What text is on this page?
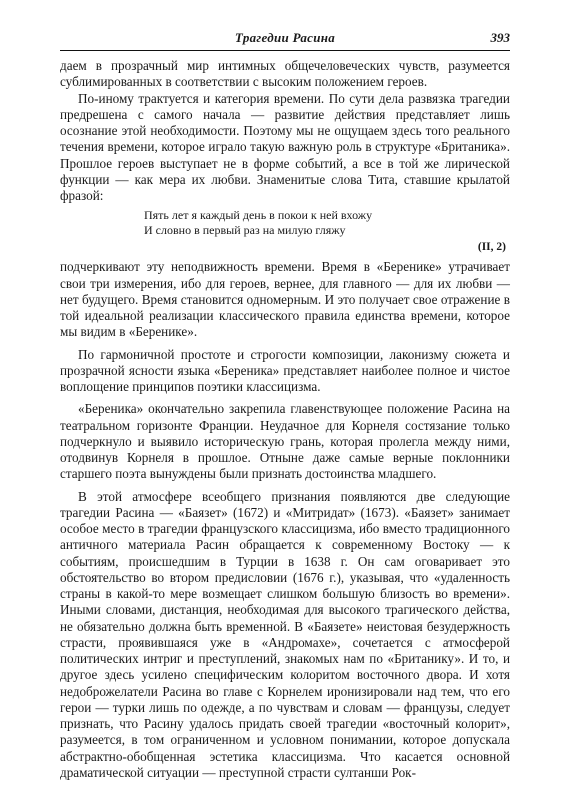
Трагедии Расина	393

даем в прозрачный мир интимных общечеловеческих чувств, разумеется сублимированных в соответствии с высоким положением героев.

По-иному трактуется и категория времени. По сути дела развязка трагедии предрешена с самого начала — развитие действия представляет лишь осознание этой необходимости. Поэтому мы не ощущаем здесь того реального течения времени, которое играло такую важную роль в структуре «Британика». Прошлое героев выступает не в форме событий, а все в той же лирической функции — как мера их любви. Знаменитые слова Тита, ставшие крылатой фразой:

Пять лет я каждый день в покои к ней вхожу
И словно в первый раз на милую гляжу
(II, 2)

подчеркивают эту неподвижность времени. Время в «Беренике» утрачивает свои три измерения, ибо для героев, вернее, для главного — для их любви — нет будущего. Время становится одномерным. И это получает свое отражение в той идеальной реализации классического правила единства времени, которое мы видим в «Беренике».

По гармоничной простоте и строгости композиции, лаконизму сюжета и прозрачной ясности языка «Береника» представляет наиболее полное и чистое воплощение принципов поэтики классицизма.

«Береника» окончательно закрепила главенствующее положение Расина на театральном горизонте Франции. Неудачное для Корнеля состязание только подчеркнуло и выявило историческую грань, которая пролегла между ними, отодвинув Корнеля в прошлое. Отныне даже самые верные поклонники старшего поэта вынуждены были признать достоинства младшего.

В этой атмосфере всеобщего признания появляются две следующие трагедии Расина — «Баязет» (1672) и «Митридат» (1673). «Баязет» занимает особое место в трагедии французского классицизма, ибо вместо традиционного античного материала Расин обращается к современному Востоку — к событиям, происшедшим в Турции в 1638 г. Он сам оговаривает это обстоятельство во втором предисловии (1676 г.), указывая, что «удаленность страны в какой-то мере возмещает слишком большую близость во времени». Иными словами, дистанция, необходимая для высокого трагического действа, не обязательно должна быть временной. В «Баязете» неистовая безудержность страсти, проявившаяся уже в «Андромахе», сочетается с атмосферой политических интриг и преступлений, знакомых нам по «Британику». И то, и другое здесь усилено специфическим колоритом восточного двора. И хотя недоброжелатели Расина во главе с Корнелем иронизировали над тем, что его герои — турки лишь по одежде, а по чувствам и словам — французы, следует признать, что Расину удалось придать своей трагедии «восточный колорит», разумеется, в том ограниченном и условном понимании, которое допускала абстрактно-обобщенная эстетика классицизма. Что касается основной драматической ситуации — преступной страсти султанши Рок-
